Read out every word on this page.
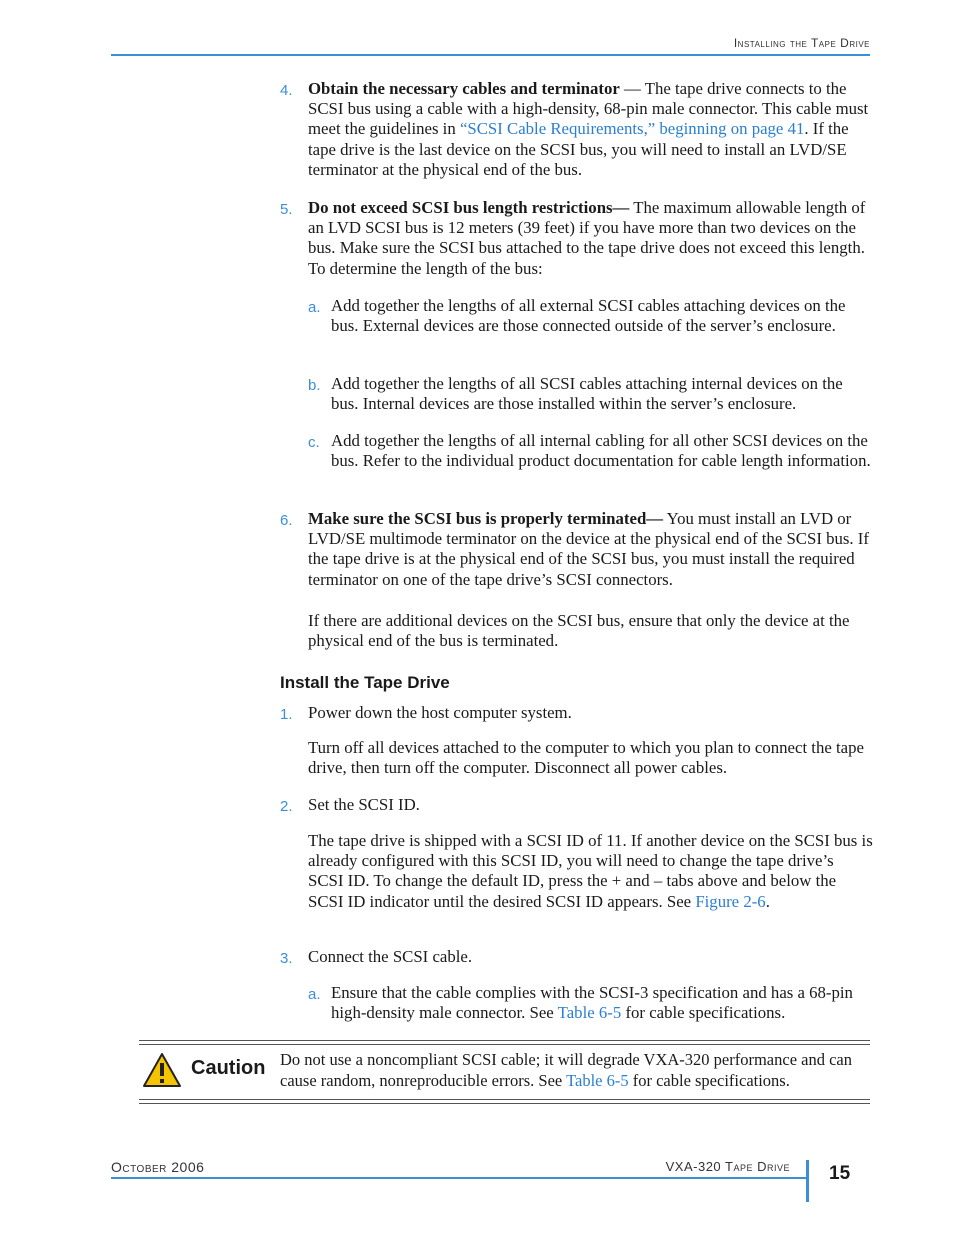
Installing the Tape Drive
4. Obtain the necessary cables and terminator — The tape drive connects to the SCSI bus using a cable with a high-density, 68-pin male connector. This cable must meet the guidelines in “SCSI Cable Requirements,” beginning on page 41. If the tape drive is the last device on the SCSI bus, you will need to install an LVD/SE terminator at the physical end of the bus.
5. Do not exceed SCSI bus length restrictions— The maximum allowable length of an LVD SCSI bus is 12 meters (39 feet) if you have more than two devices on the bus. Make sure the SCSI bus attached to the tape drive does not exceed this length. To determine the length of the bus:
a. Add together the lengths of all external SCSI cables attaching devices on the bus. External devices are those connected outside of the server’s enclosure.
b. Add together the lengths of all SCSI cables attaching internal devices on the bus. Internal devices are those installed within the server’s enclosure.
c. Add together the lengths of all internal cabling for all other SCSI devices on the bus. Refer to the individual product documentation for cable length information.
6. Make sure the SCSI bus is properly terminated— You must install an LVD or LVD/SE multimode terminator on the device at the physical end of the SCSI bus. If the tape drive is at the physical end of the SCSI bus, you must install the required terminator on one of the tape drive’s SCSI connectors.
If there are additional devices on the SCSI bus, ensure that only the device at the physical end of the bus is terminated.
Install the Tape Drive
1. Power down the host computer system.
Turn off all devices attached to the computer to which you plan to connect the tape drive, then turn off the computer. Disconnect all power cables.
2. Set the SCSI ID.
The tape drive is shipped with a SCSI ID of 11. If another device on the SCSI bus is already configured with this SCSI ID, you will need to change the tape drive’s SCSI ID. To change the default ID, press the + and – tabs above and below the SCSI ID indicator until the desired SCSI ID appears. See Figure 2-6.
3. Connect the SCSI cable.
a. Ensure that the cable complies with the SCSI-3 specification and has a 68-pin high-density male connector. See Table 6-5 for cable specifications.
Caution Do not use a noncompliant SCSI cable; it will degrade VXA-320 performance and can cause random, nonreproducible errors. See Table 6-5 for cable specifications.
October 2006	VXA-320 Tape Drive 15
